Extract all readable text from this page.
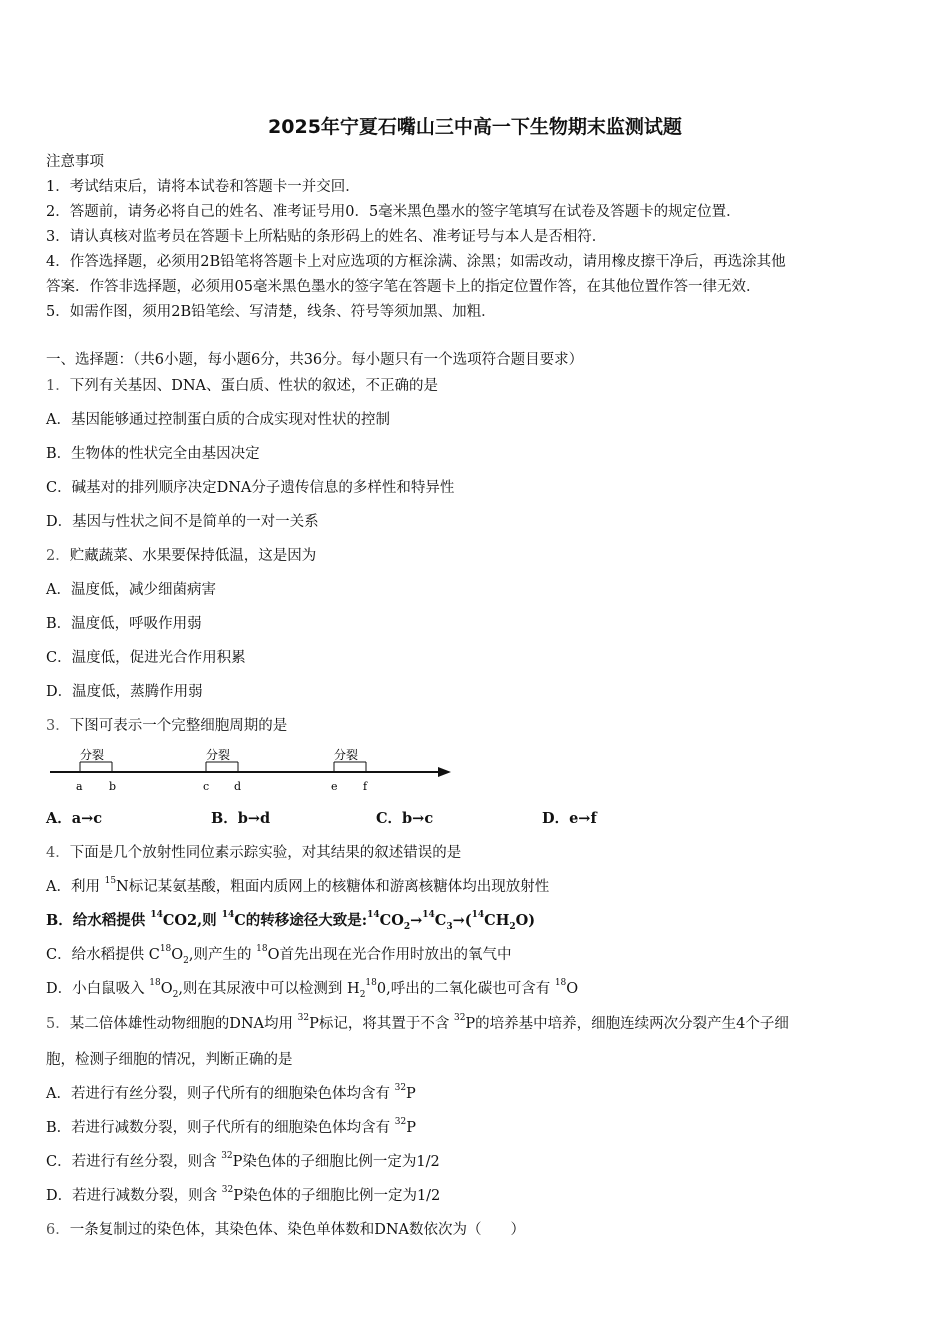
2025年宁夏石嘴山三中高一下生物期末监测试题
注意事项
1．考试结束后，请将本试卷和答题卡一并交回．
2．答题前，请务必将自己的姓名、准考证号用0．5毫米黑色墨水的签字笔填写在试卷及答题卡的规定位置．
3．请认真核对监考员在答题卡上所粘贴的条形码上的姓名、准考证号与本人是否相符．
4．作答选择题，必须用2B铅笔将答题卡上对应选项的方框涂满、涂黑；如需改动，请用橡皮擦干净后，再选涂其他
答案．作答非选择题，必须用05毫米黑色墨水的签字笔在答题卡上的指定位置作答，在其他位置作答一律无效．
5．如需作图，须用2B铅笔绘、写清楚，线条、符号等须加黑、加粗．
一、选择题：（共6小题，每小题6分，共36分。每小题只有一个选项符合题目要求）
1．下列有关基因、DNA、蛋白质、性状的叙述，不正确的是
A．基因能够通过控制蛋白质的合成实现对性状的控制
B．生物体的性状完全由基因决定
C．碱基对的排列顺序决定DNA分子遗传信息的多样性和特异性
D．基因与性状之间不是简单的一对一关系
2．贮藏蔬菜、水果要保持低温，这是因为
A．温度低，减少细菌病害
B．温度低，呼吸作用弱
C．温度低，促进光合作用积累
D．温度低，蒸腾作用弱
3．下图可表示一个完整细胞周期的是
分裂	分裂	分裂
a b	c d	e f
A．a→c	B．b→d	C．b→c	D．e→f
4．下面是几个放射性同位素示踪实验，对其结果的叙述错误的是
A．利用 $^{15}$N标记某氨基酸，粗面内质网上的核糖体和游离核糖体均出现放射性
B．给水稻提供 $^{14}$CO2,则 $^{14}$C的转移途径大致是$:^{14}CO_2\to^{14}C_3\to(^{14}CH_2O)$
C．给水稻提供 $C^{18}O_2$,则产生的 $^{18}$O首先出现在光合作用时放出的氧气中
D．小白鼠吸入 $^{18}O_2$,则在其尿液中可以检测到 $H_2^{18}0$,呼出的二氧化碳也可含有 $^{18}$O
5．某二倍体雄性动物细胞的DNA均用 $^{32}$P标记，将其置于不含 $^{32}$P的培养基中培养，细胞连续两次分裂产生4个子细
胞，检测子细胞的情况，判断正确的是
A．若进行有丝分裂，则子代所有的细胞染色体均含有 $^{32}$P
B．若进行减数分裂，则子代所有的细胞染色体均含有 $^{32}$P
C．若进行有丝分裂，则含 $^{32}$P染色体的子细胞比例一定为1/2
D．若进行减数分裂，则含 $^{32}$P染色体的子细胞比例一定为1/2
6．一条复制过的染色体，其染色体、染色单体数和DNA数依次为（　　）
